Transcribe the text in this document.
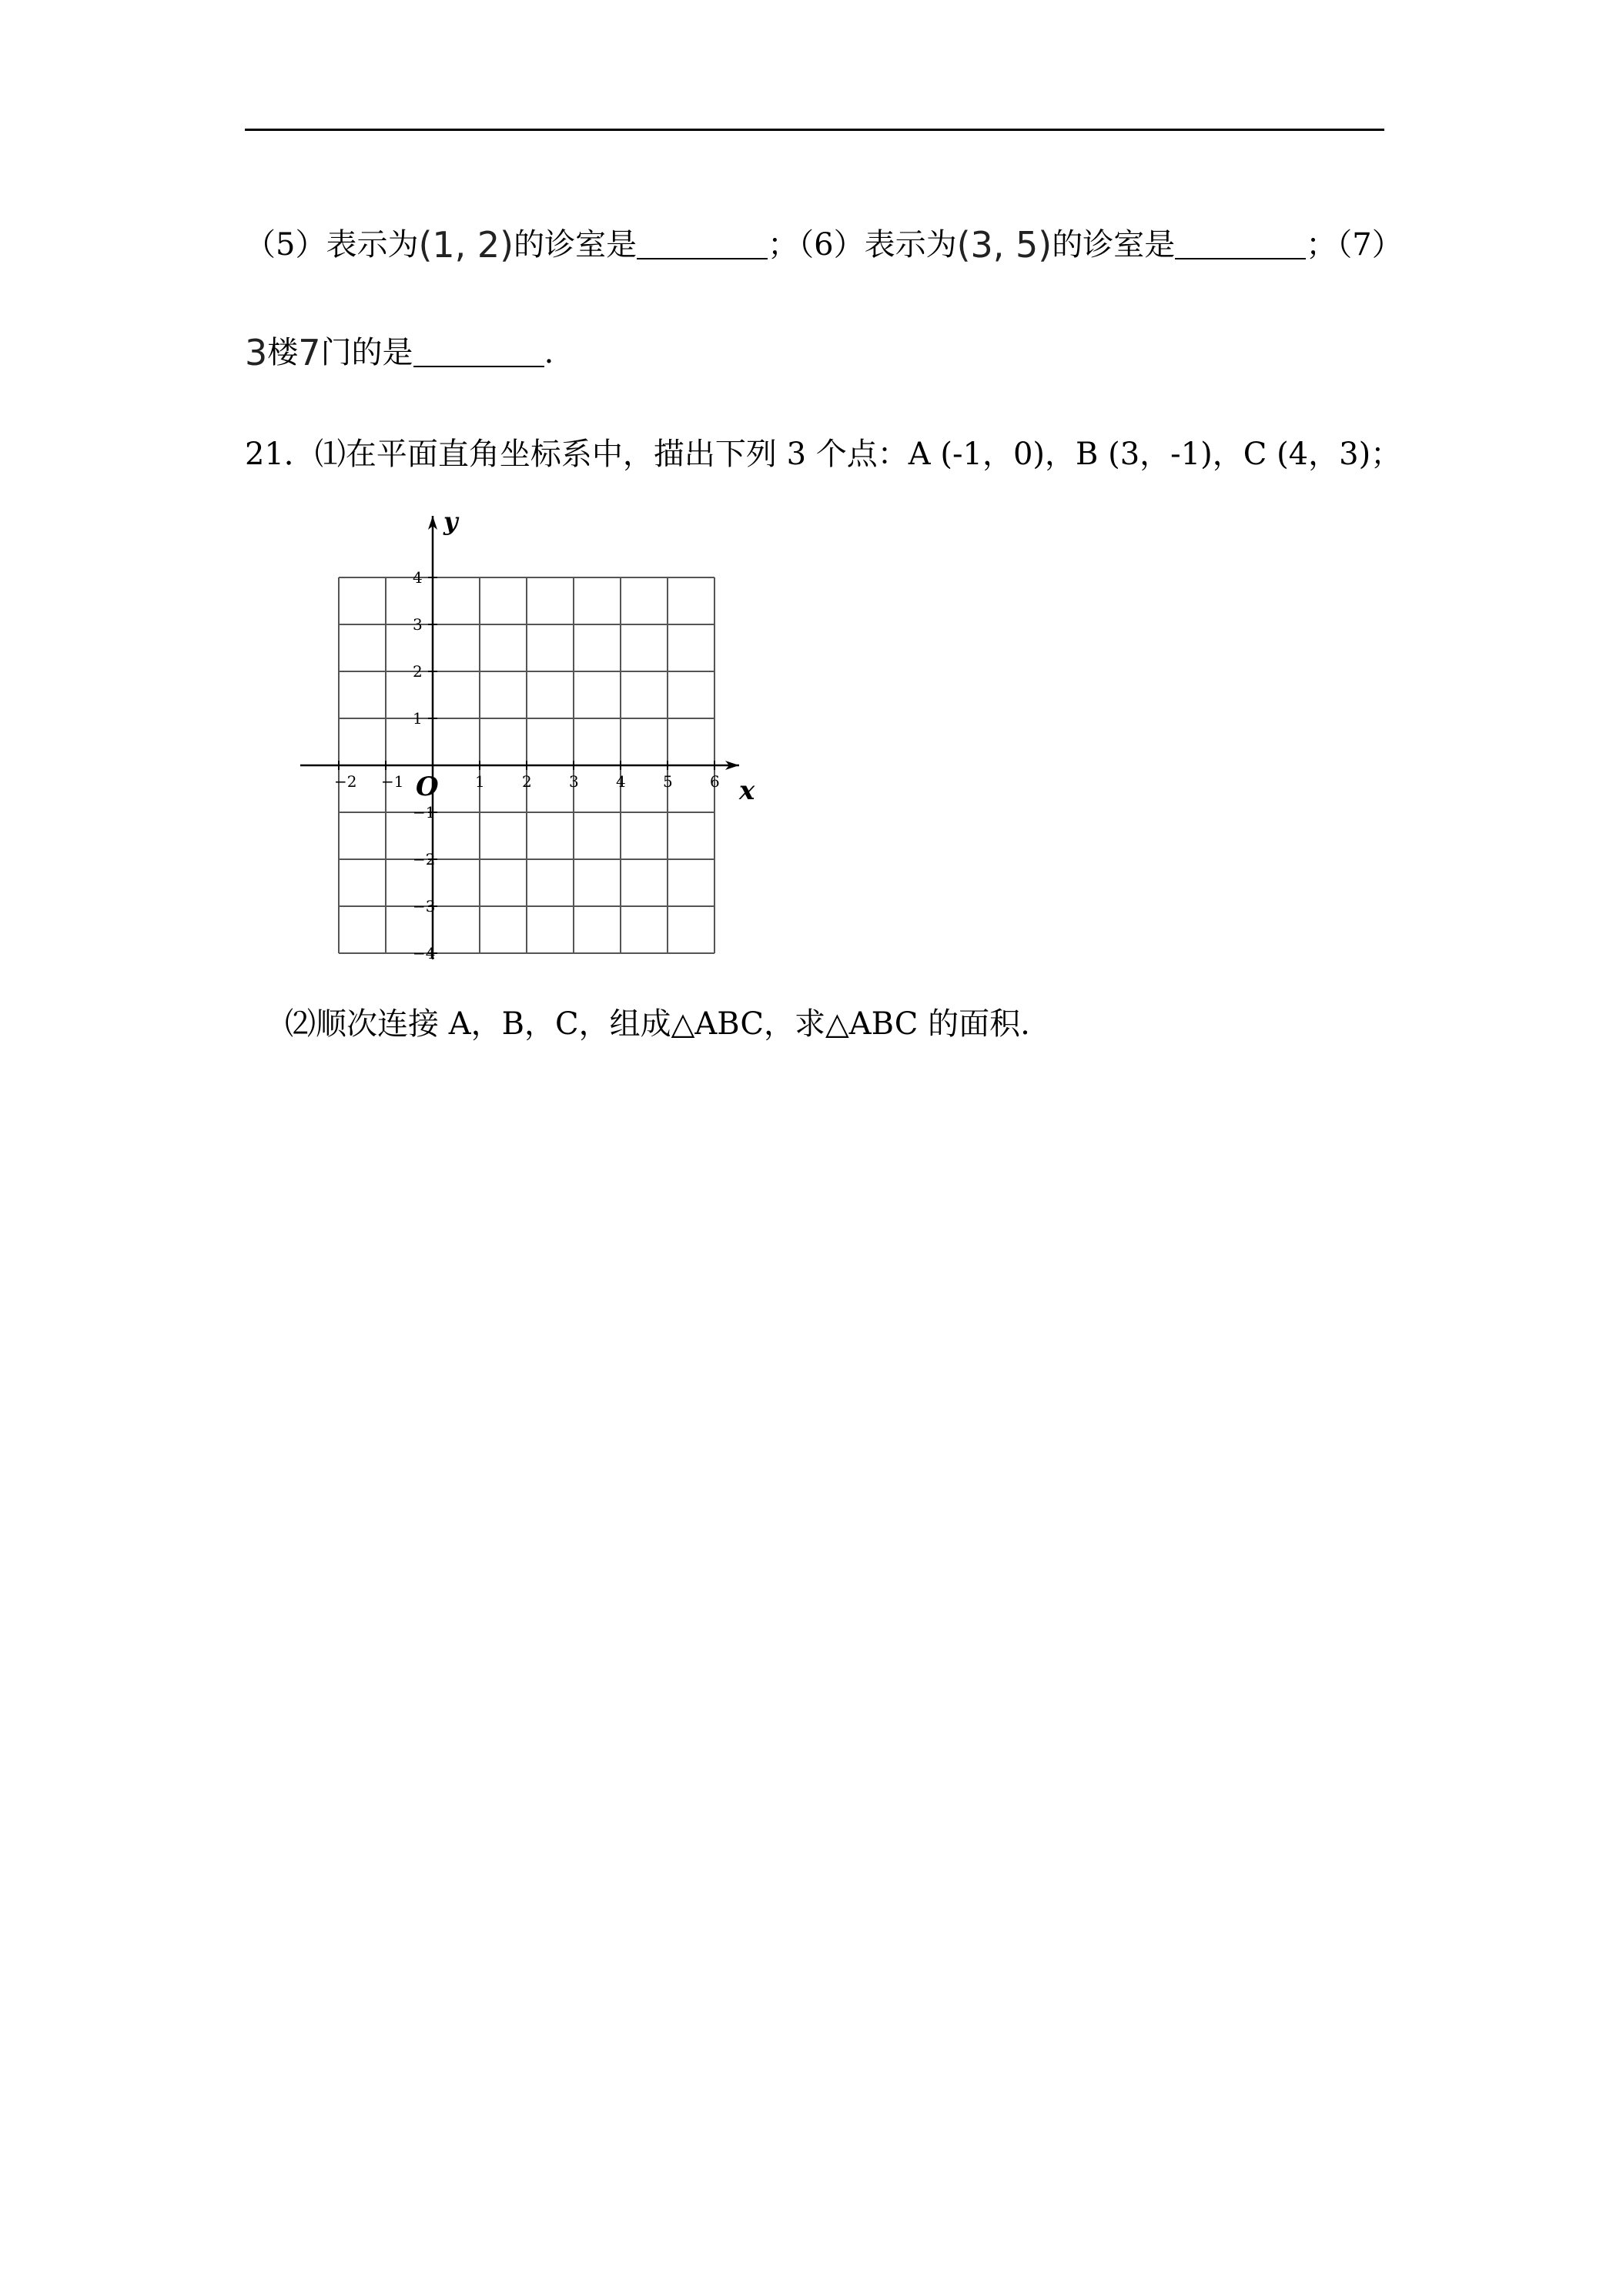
（5）表示为(1, 2)的诊室是	；（6）表示为(3, 5)的诊室是	；（7）
3楼7门的是	.
21．⑴在平面直角坐标系中，描出下列 3 个点：A (-1，0)，B (3，-1)，C (4，3)；
−2 −1	1 2 3 4 5 6
4
3
2
1
−1
−2
−3
−4
x
y
O
⑵顺次连接 A，B，C，组成△ABC，求△ABC 的面积.
